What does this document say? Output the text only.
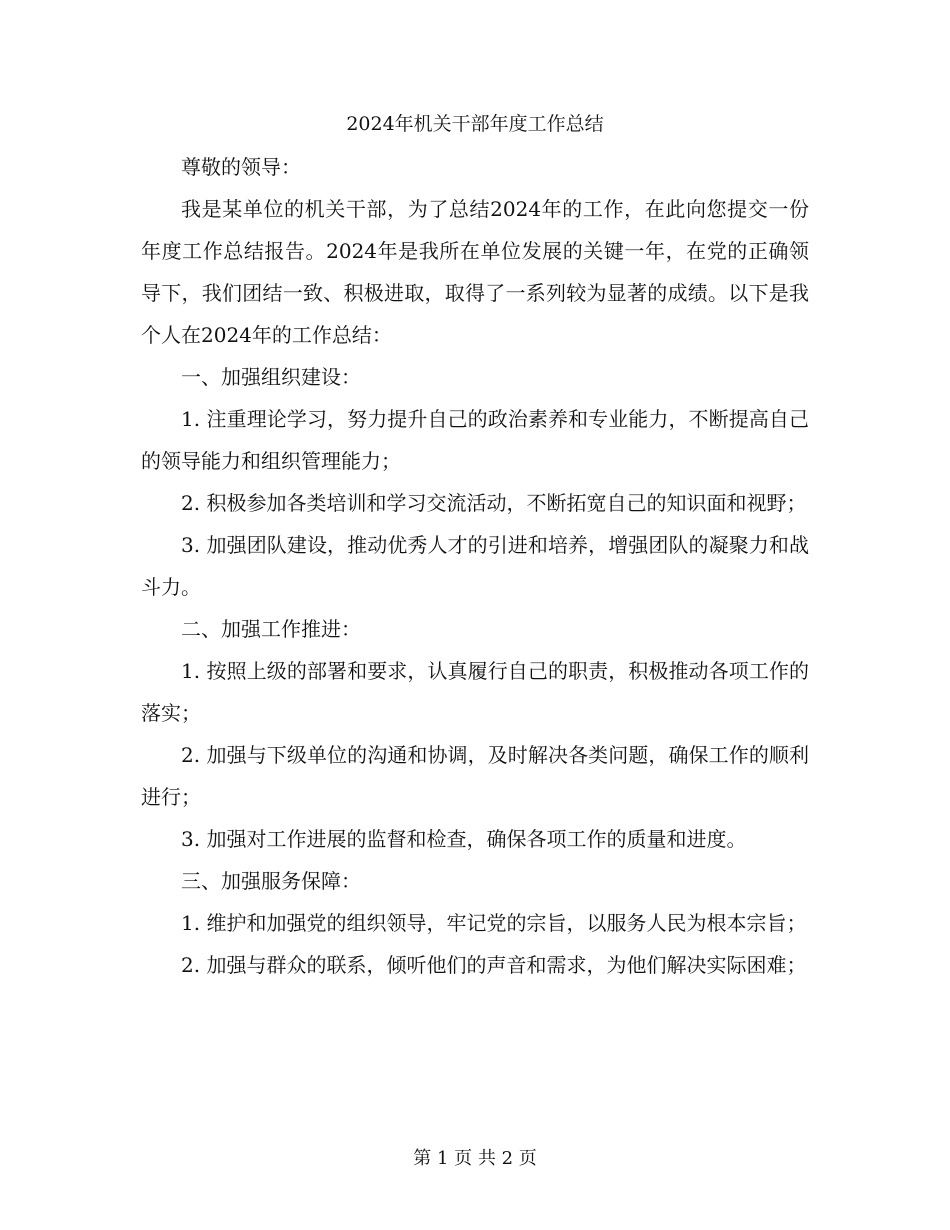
2024年机关干部年度工作总结

尊敬的领导：

我是某单位的机关干部，为了总结2024年的工作，在此向您提交一份年度工作总结报告。2024年是我所在单位发展的关键一年，在党的正确领导下，我们团结一致、积极进取，取得了一系列较为显著的成绩。以下是我个人在2024年的工作总结：

一、加强组织建设：

1. 注重理论学习，努力提升自己的政治素养和专业能力，不断提高自己的领导能力和组织管理能力；

2. 积极参加各类培训和学习交流活动，不断拓宽自己的知识面和视野；

3. 加强团队建设，推动优秀人才的引进和培养，增强团队的凝聚力和战斗力。

二、加强工作推进：

1. 按照上级的部署和要求，认真履行自己的职责，积极推动各项工作的落实；

2. 加强与下级单位的沟通和协调，及时解决各类问题，确保工作的顺利进行；

3. 加强对工作进展的监督和检查，确保各项工作的质量和进度。

三、加强服务保障：

1. 维护和加强党的组织领导，牢记党的宗旨，以服务人民为根本宗旨；

2. 加强与群众的联系，倾听他们的声音和需求，为他们解决实际困难；

第 1 页 共 2 页
